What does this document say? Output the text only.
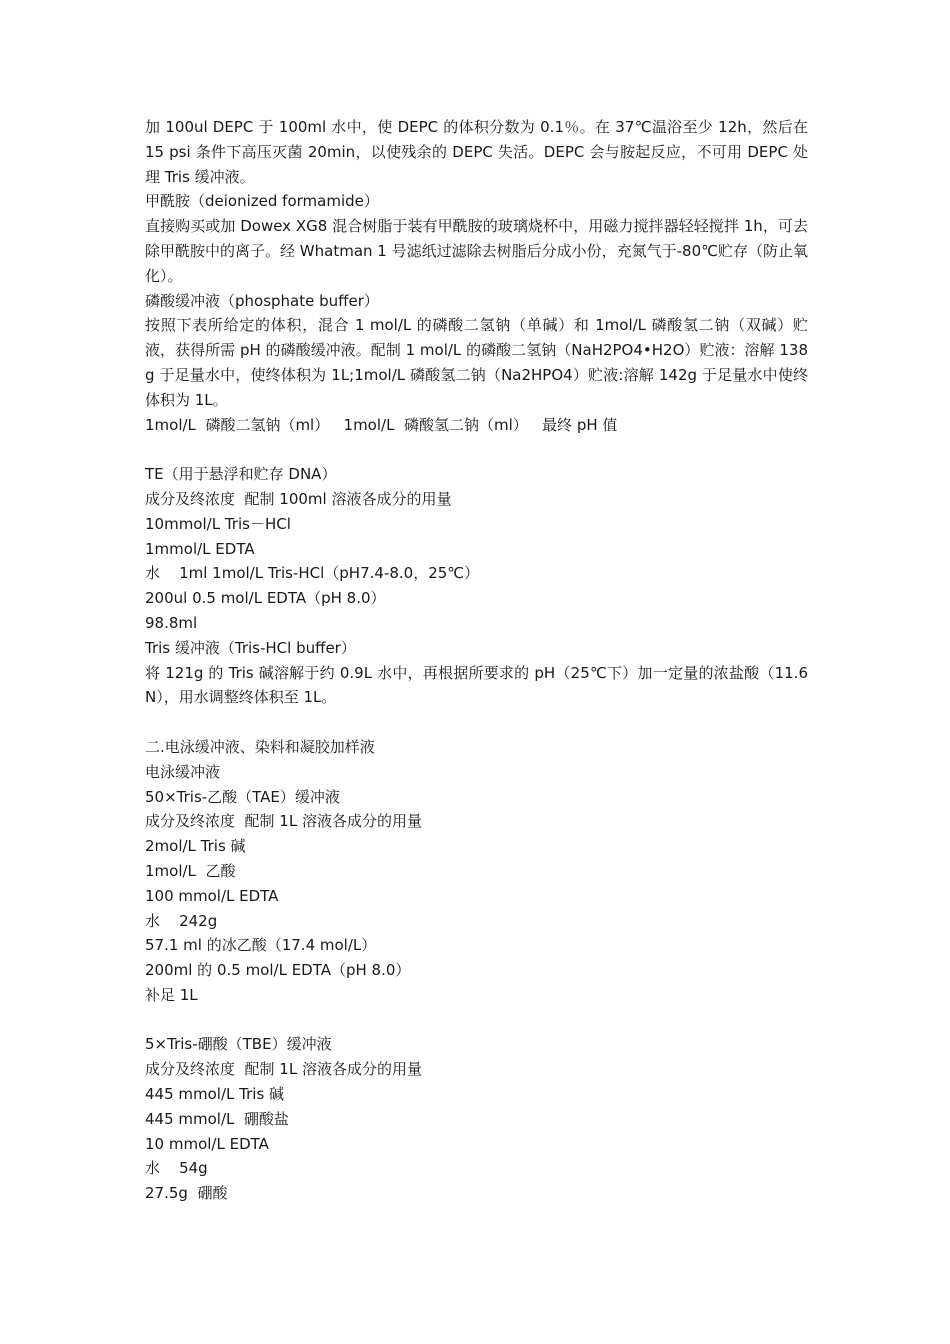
加 100ul DEPC 于 100ml 水中，使 DEPC 的体积分数为 0.1％。在 37℃温浴至少 12h，然后在 15 psi 条件下高压灭菌 20min，以使残余的 DEPC 失活。DEPC 会与胺起反应，不可用 DEPC 处理 Tris 缓冲液。
甲酰胺（deionized formamide）
直接购买或加 Dowex XG8 混合树脂于装有甲酰胺的玻璃烧杯中，用磁力搅拌器轻轻搅拌 1h，可去除甲酰胺中的离子。经 Whatman 1 号滤纸过滤除去树脂后分成小份，充氮气于-80℃贮存（防止氧化）。
磷酸缓冲液（phosphate buffer）
按照下表所给定的体积，混合 1 mol/L 的磷酸二氢钠（单碱）和 1mol/L 磷酸氢二钠（双碱）贮液，获得所需 pH 的磷酸缓冲液。配制 1 mol/L 的磷酸二氢钠（NaH2PO4•H2O）贮液：溶解 138g 于足量水中，使终体积为 1L;1mol/L 磷酸氢二钠（Na2HPO4）贮液:溶解 142g 于足量水中使终体积为 1L。
1mol/L  磷酸二氢钠（ml）   1mol/L  磷酸氢二钠（ml）   最终 pH 值
TE（用于悬浮和贮存 DNA）
成分及终浓度  配制 100ml 溶液各成分的用量
10mmol/L Tris－HCl
1mmol/L EDTA
水    1ml 1mol/L Tris-HCl（pH7.4-8.0，25℃）
200ul 0.5 mol/L EDTA（pH 8.0）
98.8ml
Tris 缓冲液（Tris-HCl buffer）
将 121g 的 Tris 碱溶解于约 0.9L 水中，再根据所要求的 pH（25℃下）加一定量的浓盐酸（11.6N），用水调整终体积至 1L。
二.电泳缓冲液、染料和凝胶加样液
电泳缓冲液
50×Tris-乙酸（TAE）缓冲液
成分及终浓度  配制 1L 溶液各成分的用量
2mol/L Tris 碱
1mol/L  乙酸
100 mmol/L EDTA
水    242g
57.1 ml 的冰乙酸（17.4 mol/L）
200ml 的 0.5 mol/L EDTA（pH 8.0）
补足 1L
5×Tris-硼酸（TBE）缓冲液
成分及终浓度  配制 1L 溶液各成分的用量
445 mmol/L Tris 碱
445 mmol/L  硼酸盐
10 mmol/L EDTA
水    54g
27.5g  硼酸
